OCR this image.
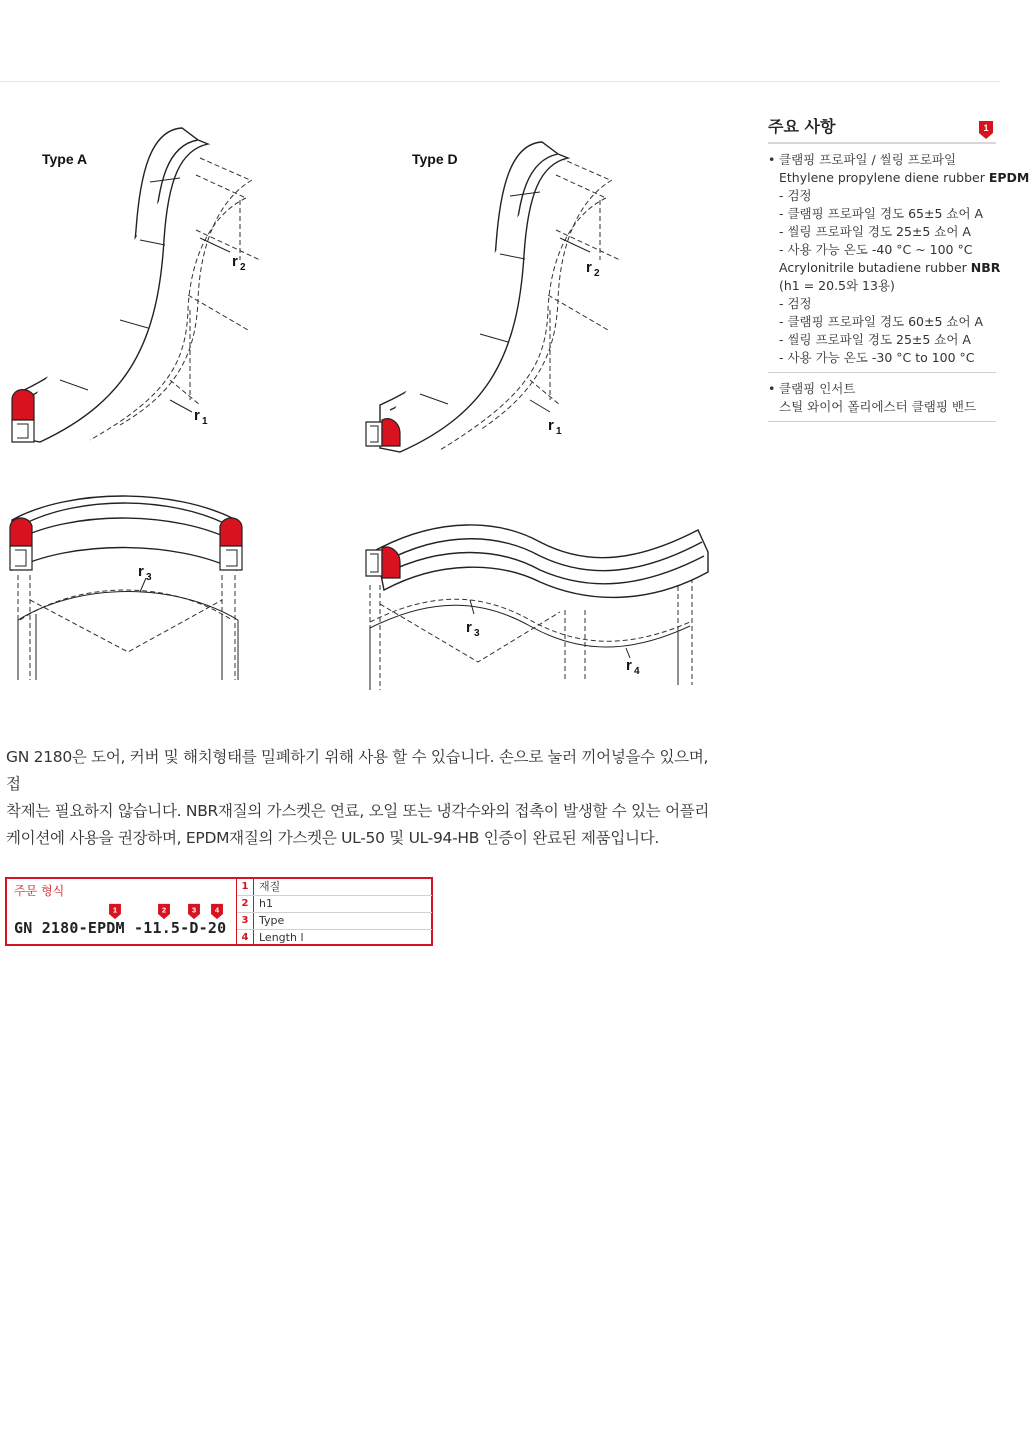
Type A
r 2
r 1
Type D
r 2
r 1
r 3
r 3
r 4
주요 사항	1
• 클램핑 프로파일 / 씰링 프로파일
Ethylene propylene diene rubber EPDM
- 검정
- 클램핑 프로파일 경도 65±5 쇼어 A
- 씰링 프로파일 경도 25±5 쇼어 A
- 사용 가능 온도 -40 °C ~ 100 °C
Acrylonitrile butadiene rubber NBR
(h1 = 20.5와 13용)
- 검정
- 클램핑 프로파일 경도 60±5 쇼어 A
- 씰링 프로파일 경도 25±5 쇼어 A
- 사용 가능 온도 -30 °C to 100 °C
• 클램핑 인서트
스틸 와이어 폴리에스터 클램핑 밴드
GN 2180은 도어, 커버 및 해치형태를 밀폐하기 위해 사용 할 수 있습니다. 손으로 눌러 끼어넣을수 있으며, 접
착제는 필요하지 않습니다. NBR재질의 가스켓은 연료, 오일 또는 냉각수와의 접촉이 발생할 수 있는 어플리
케이션에 사용을 권장하며, EPDM재질의 가스켓은 UL-50 및 UL-94-HB 인증이 완료된 제품입니다.
주문 형식
1	2	3 4
GN 2180-EPDM -11.5-D-20
1 재질
2 h1
3 Type
4 Length l
